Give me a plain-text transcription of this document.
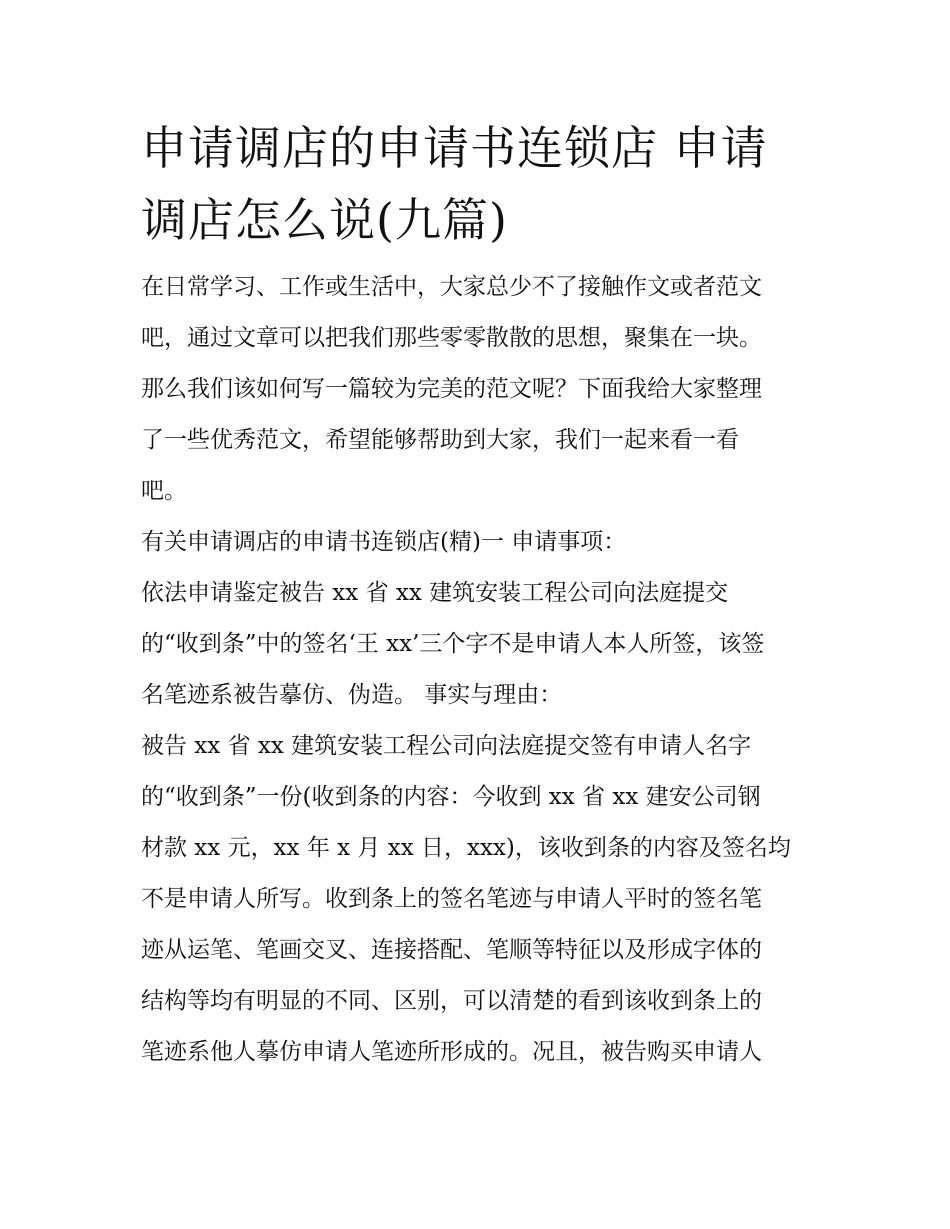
申请调店的申请书连锁店 申请
调店怎么说(九篇)

在日常学习、工作或生活中，大家总少不了接触作文或者范文
吧，通过文章可以把我们那些零零散散的思想，聚集在一块。
那么我们该如何写一篇较为完美的范文呢？下面我给大家整理
了一些优秀范文，希望能够帮助到大家，我们一起来看一看
吧。

有关申请调店的申请书连锁店(精)一 申请事项：

依法申请鉴定被告 xx 省 xx 建筑安装工程公司向法庭提交
的“收到条”中的签名‘王 xx’三个字不是申请人本人所签，该签
名笔迹系被告摹仿、伪造。 事实与理由：

被告 xx 省 xx 建筑安装工程公司向法庭提交签有申请人名字
的“收到条”一份(收到条的内容：今收到 xx 省 xx 建安公司钢
材款 xx 元，xx 年 x 月 xx 日，xxx)，该收到条的内容及签名均
不是申请人所写。收到条上的签名笔迹与申请人平时的签名笔
迹从运笔、笔画交叉、连接搭配、笔顺等特征以及形成字体的
结构等均有明显的不同、区别，可以清楚的看到该收到条上的
笔迹系他人摹仿申请人笔迹所形成的。况且，被告购买申请人
